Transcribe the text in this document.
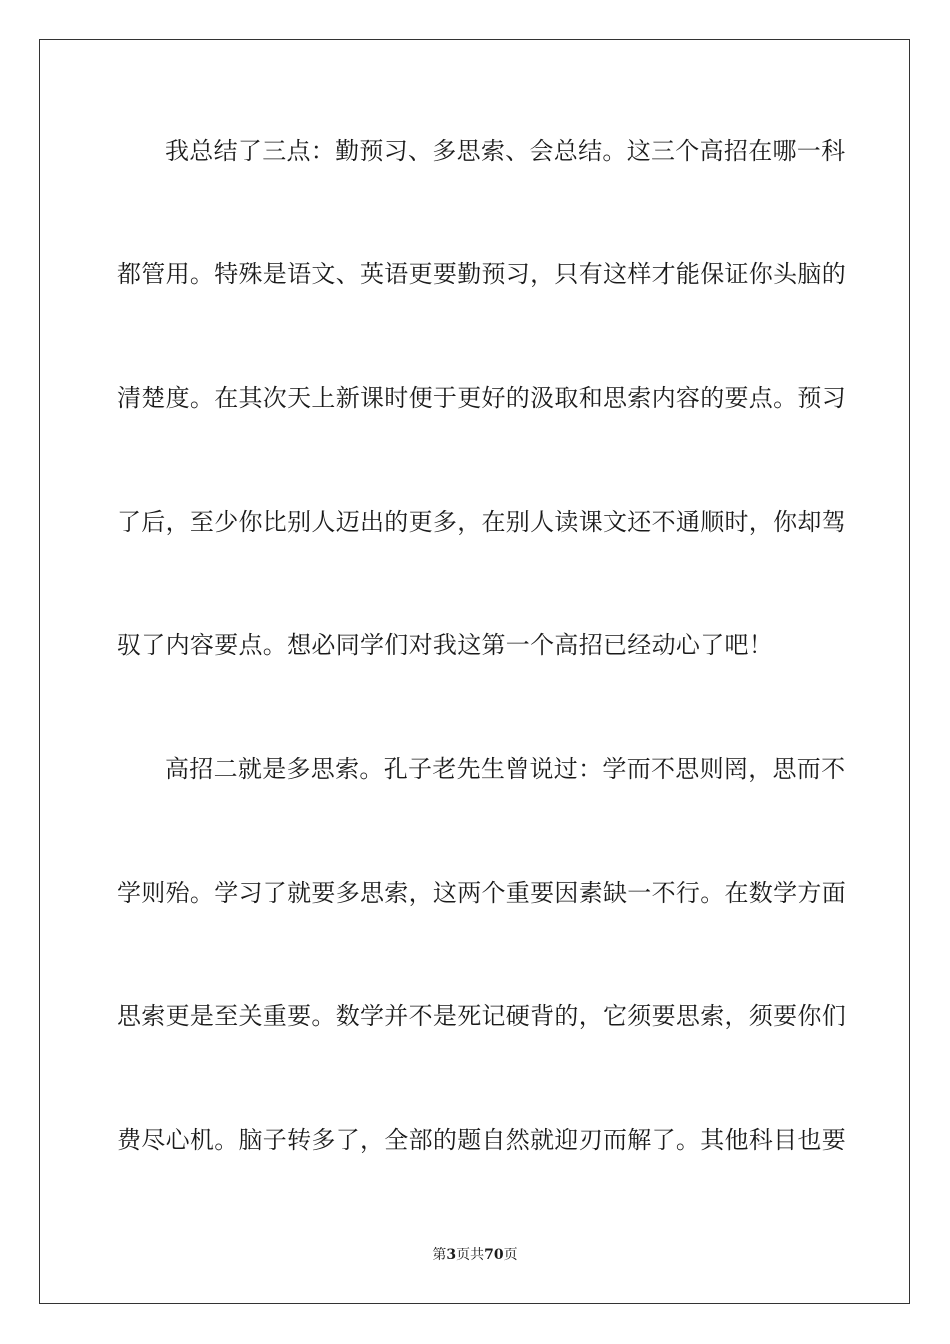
我总结了三点：勤预习、多思索、会总结。这三个高招在哪一科
都管用。特殊是语文、英语更要勤预习，只有这样才能保证你头脑的
清楚度。在其次天上新课时便于更好的汲取和思索内容的要点。预习
了后，至少你比别人迈出的更多，在别人读课文还不通顺时，你却驾
驭了内容要点。想必同学们对我这第一个高招已经动心了吧！
高招二就是多思索。孔子老先生曾说过：学而不思则罔，思而不
学则殆。学习了就要多思索，这两个重要因素缺一不行。在数学方面
思索更是至关重要。数学并不是死记硬背的，它须要思索，须要你们
费尽心机。脑子转多了，全部的题自然就迎刃而解了。其他科目也要
第3页共70页
